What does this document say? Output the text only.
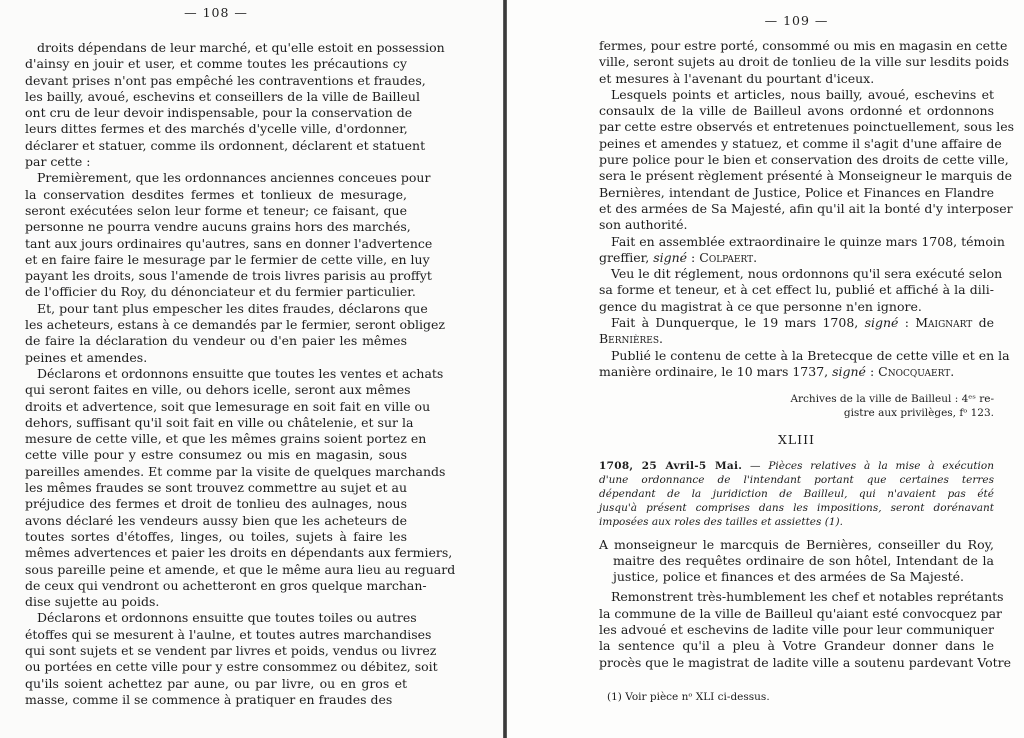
— 108 —
droits dépendans de leur marché, et qu'elle estoit en possession
d'ainsy en jouir et user, et comme toutes les précautions cy
devant prises n'ont pas empêché les contraventions et fraudes,
les bailly, avoué, eschevins et conseillers de la ville de Bailleul
ont cru de leur devoir indispensable, pour la conservation de
leurs dittes fermes et des marchés d'ycelle ville, d'ordonner,
déclarer et statuer, comme ils ordonnent, déclarent et statuent
par cette :
Premièrement, que les ordonnances anciennes conceues pour
la conservation desdites fermes et tonlieux de mesurage,
seront exécutées selon leur forme et teneur; ce faisant, que
personne ne pourra vendre aucuns grains hors des marchés,
tant aux jours ordinaires qu'autres, sans en donner l'advertence
et en faire faire le mesurage par le fermier de cette ville, en luy
payant les droits, sous l'amende de trois livres parisis au proffyt
de l'officier du Roy, du dénonciateur et du fermier particulier.
Et, pour tant plus empescher les dites fraudes, déclarons que
les acheteurs, estans à ce demandés par le fermier, seront obligez
de faire la déclaration du vendeur ou d'en paier les mêmes
peines et amendes.
Déclarons et ordonnons ensuitte que toutes les ventes et achats
qui seront faites en ville, ou dehors icelle, seront aux mêmes
droits et advertence, soit que lemesurage en soit fait en ville ou
dehors, suffisant qu'il soit fait en ville ou châtelenie, et sur la
mesure de cette ville, et que les mêmes grains soient portez en
cette ville pour y estre consumez ou mis en magasin, sous
pareilles amendes. Et comme par la visite de quelques marchands
les mêmes fraudes se sont trouvez commettre au sujet et au
préjudice des fermes et droit de tonlieu des aulnages, nous
avons déclaré les vendeurs aussy bien que les acheteurs de
toutes sortes d'étoffes, linges, ou toiles, sujets à faire les
mêmes advertences et paier les droits en dépendants aux fermiers,
sous pareille peine et amende, et que le même aura lieu au reguard
de ceux qui vendront ou achetteront en gros quelque marchan-
dise sujette au poids.
Déclarons et ordonnons ensuitte que toutes toiles ou autres
étoffes qui se mesurent à l'aulne, et toutes autres marchandises
qui sont sujets et se vendent par livres et poids, vendus ou livrez
ou portées en cette ville pour y estre consommez ou débitez, soit
qu'ils soient achettez par aune, ou par livre, ou en gros et
masse, comme il se commence à pratiquer en fraudes des
— 109 —
fermes, pour estre porté, consommé ou mis en magasin en cette
ville, seront sujets au droit de tonlieu de la ville sur lesdits poids
et mesures à l'avenant du pourtant d'iceux.
Lesquels points et articles, nous bailly, avoué, eschevins et
consaulx de la ville de Bailleul avons ordonné et ordonnons
par cette estre observés et entretenues poinctuellement, sous les
peines et amendes y statuez, et comme il s'agit d'une affaire de
pure police pour le bien et conservation des droits de cette ville,
sera le présent règlement présenté à Monseigneur le marquis de
Bernières, intendant de Justice, Police et Finances en Flandre
et des armées de Sa Majesté, afin qu'il ait la bonté d'y interposer
son authorité.
Fait en assemblée extraordinaire le quinze mars 1708, témoin
greffier, signé : Colpaert.
Veu le dit réglement, nous ordonnons qu'il sera exécuté selon
sa forme et teneur, et à cet effect lu, publié et affiché à la dili-
gence du magistrat à ce que personne n'en ignore.
Fait à Dunquerque, le 19 mars 1708, signé : Maignart de
Bernières.
Publié le contenu de cette à la Bretecque de cette ville et en la
manière ordinaire, le 10 mars 1737, signé : Cnocquaert.
Archives de la ville de Bailleul : 4ᵉˢ re-
gistre aux privilèges, fᵒ 123.
XLIII
1708, 25 Avril-5 Mai. — Pièces relatives à la mise à exécution
d'une ordonnance de l'intendant portant que certaines terres
dépendant de la juridiction de Bailleul, qui n'avaient pas été
jusqu'à présent comprises dans les impositions, seront dorénavant
imposées aux roles des tailles et assiettes (1).
A monseigneur le marcquis de Bernières, conseiller du Roy,
maitre des requêtes ordinaire de son hôtel, Intendant de la
justice, police et finances et des armées de Sa Majesté.
Remonstrent très-humblement les chef et notables reprétants
la commune de la ville de Bailleul qu'aiant esté convocquez par
les advoué et eschevins de ladite ville pour leur communiquer
la sentence qu'il a pleu à Votre Grandeur donner dans le
procès que le magistrat de ladite ville a soutenu pardevant Votre
(1) Voir pièce nᵒ XLI ci-dessus.
